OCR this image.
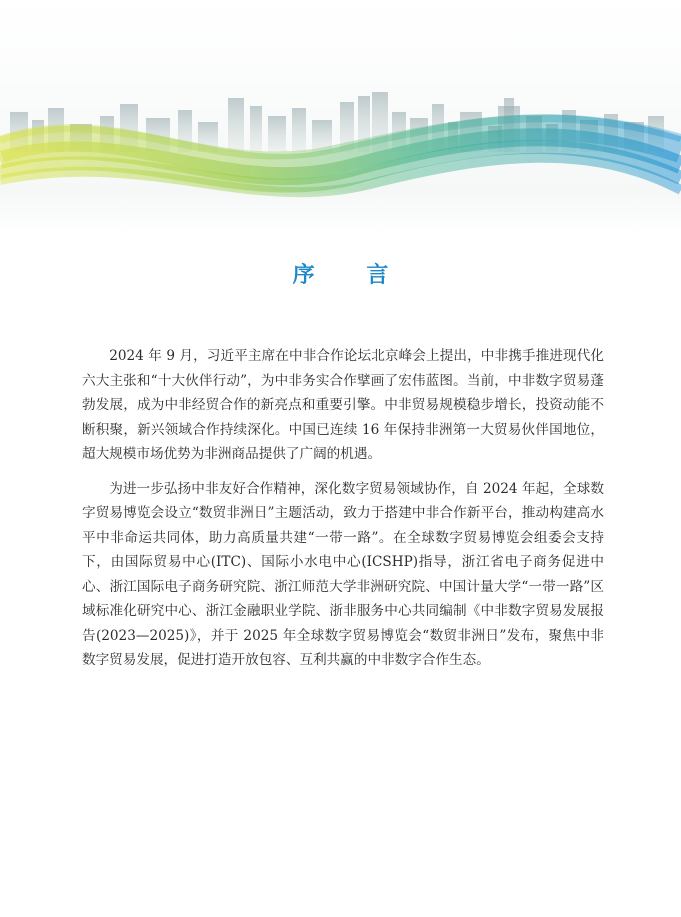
序 言

2024 年 9 月，习近平主席在中非合作论坛北京峰会上提出，中非携手推进现代化六大主张和“十大伙伴行动”，为中非务实合作擘画了宏伟蓝图。当前，中非数字贸易蓬勃发展，成为中非经贸合作的新亮点和重要引擎。中非贸易规模稳步增长，投资动能不断积聚，新兴领域合作持续深化。中国已连续 16 年保持非洲第一大贸易伙伴国地位，超大规模市场优势为非洲商品提供了广阔的机遇。

为进一步弘扬中非友好合作精神，深化数字贸易领域协作，自 2024 年起，全球数字贸易博览会设立“数贸非洲日”主题活动，致力于搭建中非合作新平台，推动构建高水平中非命运共同体，助力高质量共建“一带一路”。在全球数字贸易博览会组委会支持下，由国际贸易中心(ITC)、国际小水电中心(ICSHP)指导，浙江省电子商务促进中心、浙江国际电子商务研究院、浙江师范大学非洲研究院、中国计量大学“一带一路”区域标准化研究中心、浙江金融职业学院、浙非服务中心共同编制《中非数字贸易发展报告(2023—2025)》，并于 2025 年全球数字贸易博览会“数贸非洲日”发布，聚焦中非数字贸易发展，促进打造开放包容、互利共赢的中非数字合作生态。
